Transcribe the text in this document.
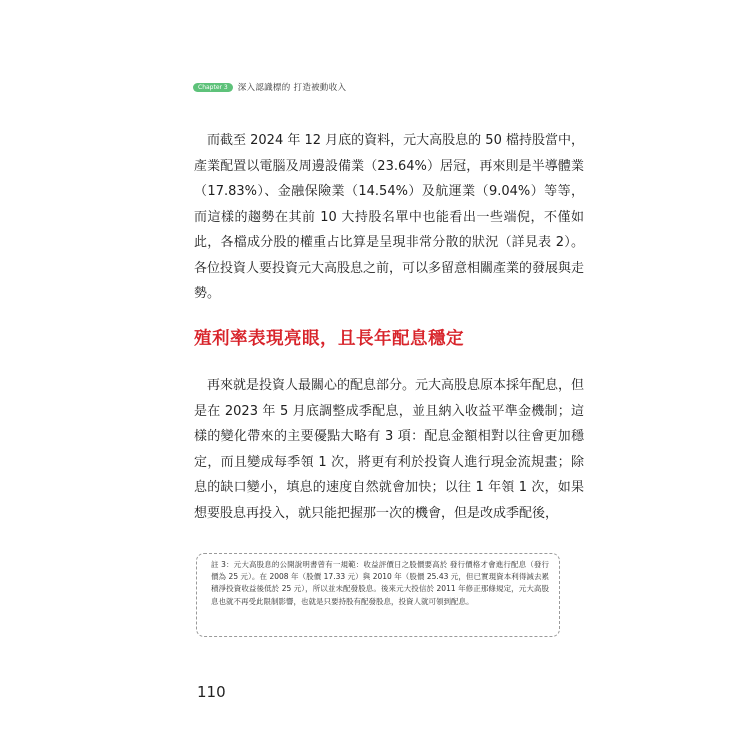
Chapter 3	深入認識標的 打造被動收入
而截至 2024 年 12 月底的資料，元大高股息的 50 檔持股當中，產業配置以電腦及周邊設備業（23.64%）居冠，再來則是半導體業（17.83%）、金融保險業（14.54%）及航運業（9.04%）等等，而這樣的趨勢在其前 10 大持股名單中也能看出一些端倪，不僅如此，各檔成分股的權重占比算是呈現非常分散的狀況（詳見表 2）。各位投資人要投資元大高股息之前，可以多留意相關產業的發展與走勢。
殖利率表現亮眼，且長年配息穩定
再來就是投資人最關心的配息部分。元大高股息原本採年配息，但是在 2023 年 5 月底調整成季配息，並且納入收益平準金機制；這樣的變化帶來的主要優點大略有 3 項：配息金額相對以往會更加穩定，而且變成每季領 1 次，將更有利於投資人進行現金流規畫；除息的缺口變小，填息的速度自然就會加快；以往 1 年領 1 次，如果想要股息再投入，就只能把握那一次的機會，但是改成季配後，
註 3：元大高股息的公開說明書曾有一規範：收益評價日之股價要高於 發行價格才會進行配息（發行價為 25 元）。在 2008 年（股價 17.33 元）與 2010 年（股價 25.43 元，但已實現資本利得減去累積淨投資收益後低於 25 元），所以並未配發股息。後來元大投信於 2011 年修正那條規定，元大高股息也就不再受此限制影響，也就是只要持股有配發股息，投資人就可領到配息。
110
